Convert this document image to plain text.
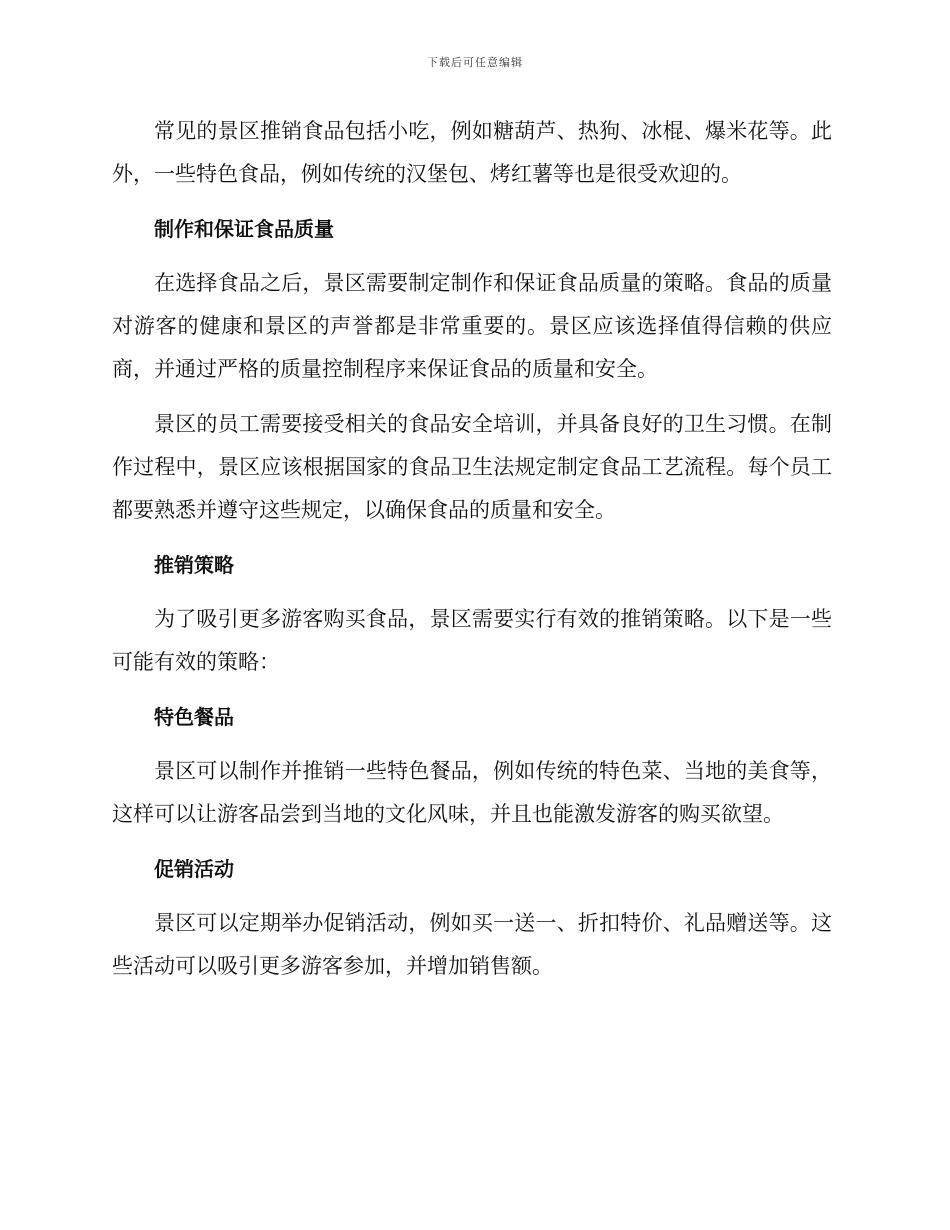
下载后可任意编辑

常见的景区推销食品包括小吃，例如糖葫芦、热狗、冰棍、爆米花等。此外，一些特色食品，例如传统的汉堡包、烤红薯等也是很受欢迎的。

制作和保证食品质量

在选择食品之后，景区需要制定制作和保证食品质量的策略。食品的质量对游客的健康和景区的声誉都是非常重要的。景区应该选择值得信赖的供应商，并通过严格的质量控制程序来保证食品的质量和安全。

景区的员工需要接受相关的食品安全培训，并具备良好的卫生习惯。在制作过程中，景区应该根据国家的食品卫生法规定制定食品工艺流程。每个员工都要熟悉并遵守这些规定，以确保食品的质量和安全。

推销策略

为了吸引更多游客购买食品，景区需要实行有效的推销策略。以下是一些可能有效的策略：

特色餐品

景区可以制作并推销一些特色餐品，例如传统的特色菜、当地的美食等，这样可以让游客品尝到当地的文化风味，并且也能激发游客的购买欲望。

促销活动

景区可以定期举办促销活动，例如买一送一、折扣特价、礼品赠送等。这些活动可以吸引更多游客参加，并增加销售额。
